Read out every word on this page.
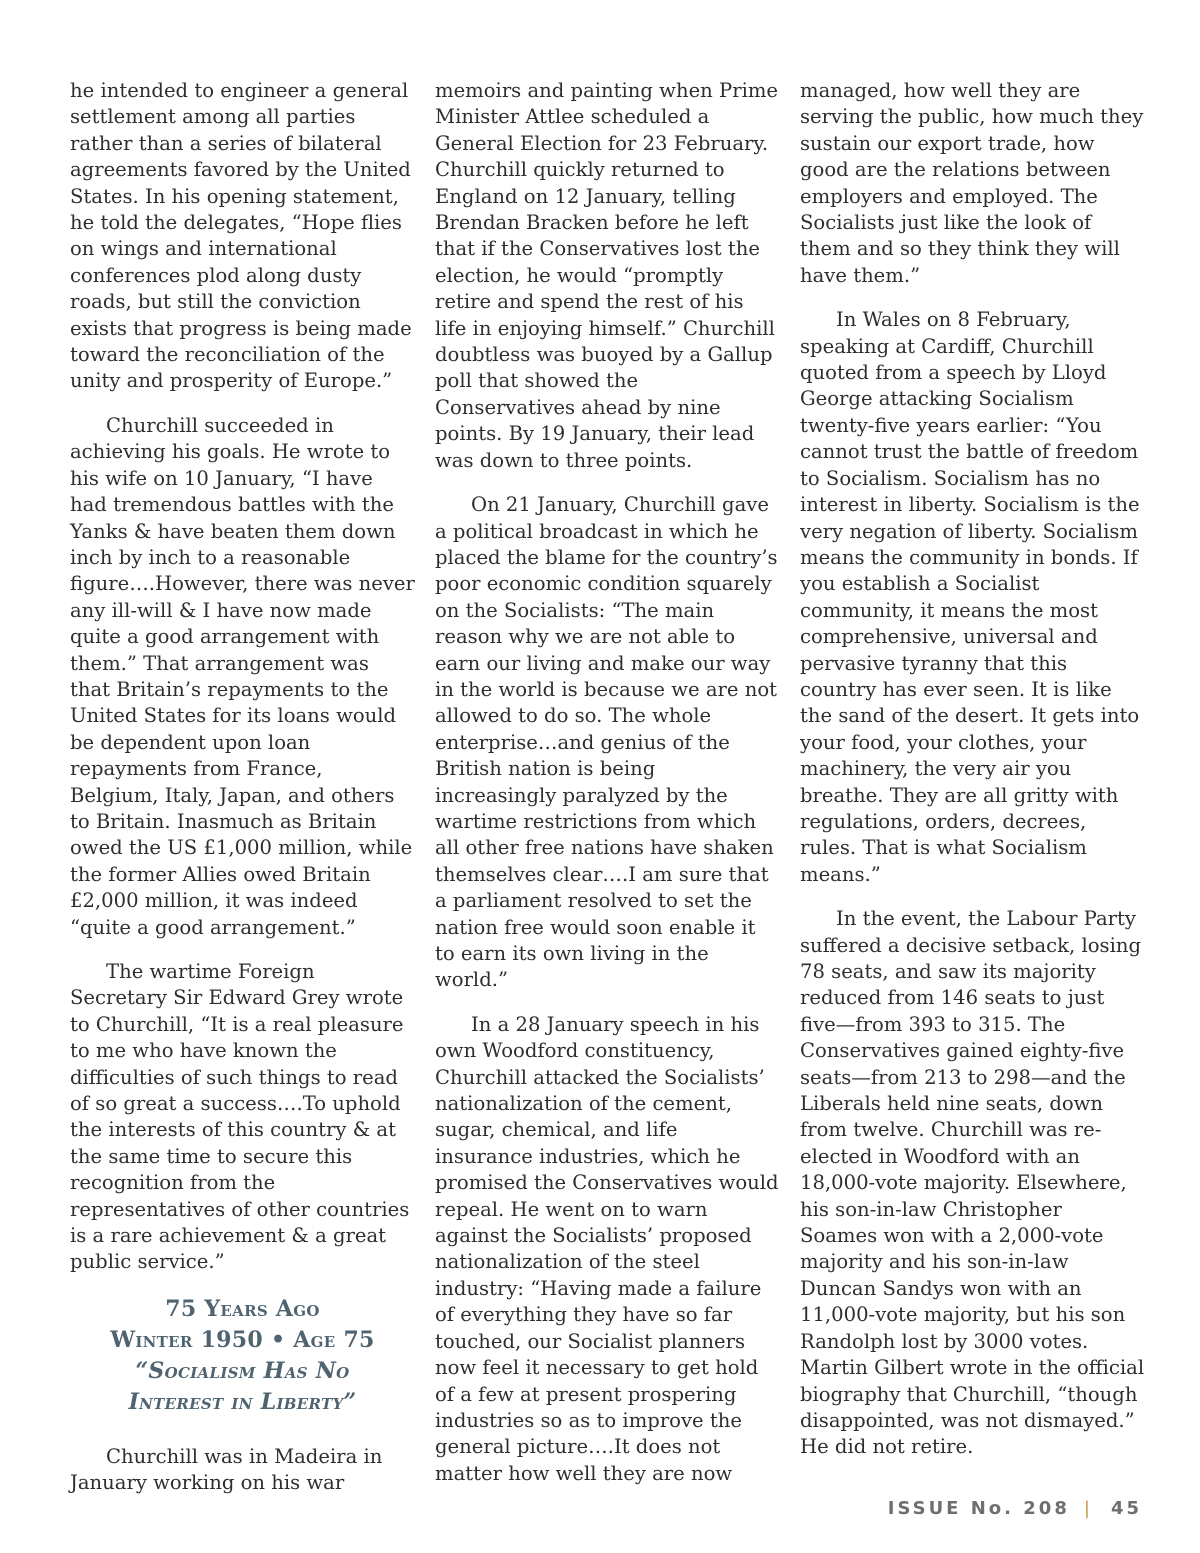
he intended to engineer a general settlement among all parties rather than a series of bilateral agreements favored by the United States. In his opening statement, he told the delegates, “Hope flies on wings and international conferences plod along dusty roads, but still the conviction exists that progress is being made toward the reconciliation of the unity and prosperity of Europe.”

Churchill succeeded in achieving his goals. He wrote to his wife on 10 January, “I have had tremendous battles with the Yanks & have beaten them down inch by inch to a reasonable figure….However, there was never any ill-will & I have now made quite a good arrangement with them.” That arrangement was that Britain’s repayments to the United States for its loans would be dependent upon loan repayments from France, Belgium, Italy, Japan, and others to Britain. Inasmuch as Britain owed the US £1,000 million, while the former Allies owed Britain £2,000 million, it was indeed “quite a good arrangement.”

The wartime Foreign Secretary Sir Edward Grey wrote to Churchill, “It is a real pleasure to me who have known the difficulties of such things to read of so great a success….To uphold the interests of this country & at the same time to secure this recognition from the representatives of other countries is a rare achievement & a great public service.”

75 Years Ago
Winter 1950 • Age 75
“Socialism Has No
Interest in Liberty”

Churchill was in Madeira in January working on his war

memoirs and painting when Prime Minister Attlee scheduled a General Election for 23 February. Churchill quickly returned to England on 12 January, telling Brendan Bracken before he left that if the Conservatives lost the election, he would “promptly retire and spend the rest of his life in enjoying himself.” Churchill doubtless was buoyed by a Gallup poll that showed the Conservatives ahead by nine points. By 19 January, their lead was down to three points.

On 21 January, Churchill gave a political broadcast in which he placed the blame for the country’s poor economic condition squarely on the Socialists: “The main reason why we are not able to earn our living and make our way in the world is because we are not allowed to do so. The whole enterprise…and genius of the British nation is being increasingly paralyzed by the wartime restrictions from which all other free nations have shaken themselves clear….I am sure that a parliament resolved to set the nation free would soon enable it to earn its own living in the world.”

In a 28 January speech in his own Woodford constituency, Churchill attacked the Socialists’ nationalization of the cement, sugar, chemical, and life insurance industries, which he promised the Conservatives would repeal. He went on to warn against the Socialists’ proposed nationalization of the steel industry: “Having made a failure of everything they have so far touched, our Socialist planners now feel it necessary to get hold of a few at present prospering industries so as to improve the general picture….It does not matter how well they are now

managed, how well they are serving the public, how much they sustain our export trade, how good are the relations between employers and employed. The Socialists just like the look of them and so they think they will have them.”

In Wales on 8 February, speaking at Cardiff, Churchill quoted from a speech by Lloyd George attacking Socialism twenty-five years earlier: “You cannot trust the battle of freedom to Socialism. Socialism has no interest in liberty. Socialism is the very negation of liberty. Socialism means the community in bonds. If you establish a Socialist community, it means the most comprehensive, universal and pervasive tyranny that this country has ever seen. It is like the sand of the desert. It gets into your food, your clothes, your machinery, the very air you breathe. They are all gritty with regulations, orders, decrees, rules. That is what Socialism means.”

In the event, the Labour Party suffered a decisive setback, losing 78 seats, and saw its majority reduced from 146 seats to just five—from 393 to 315. The Conservatives gained eighty-five seats—from 213 to 298—and the Liberals held nine seats, down from twelve. Churchill was re-elected in Woodford with an 18,000-vote majority. Elsewhere, his son-in-law Christopher Soames won with a 2,000-vote majority and his son-in-law Duncan Sandys won with an 11,000-vote majority, but his son Randolph lost by 3000 votes. Martin Gilbert wrote in the official biography that Churchill, “though disappointed, was not dismayed.” He did not retire.

ISSUE No. 208 | 45
